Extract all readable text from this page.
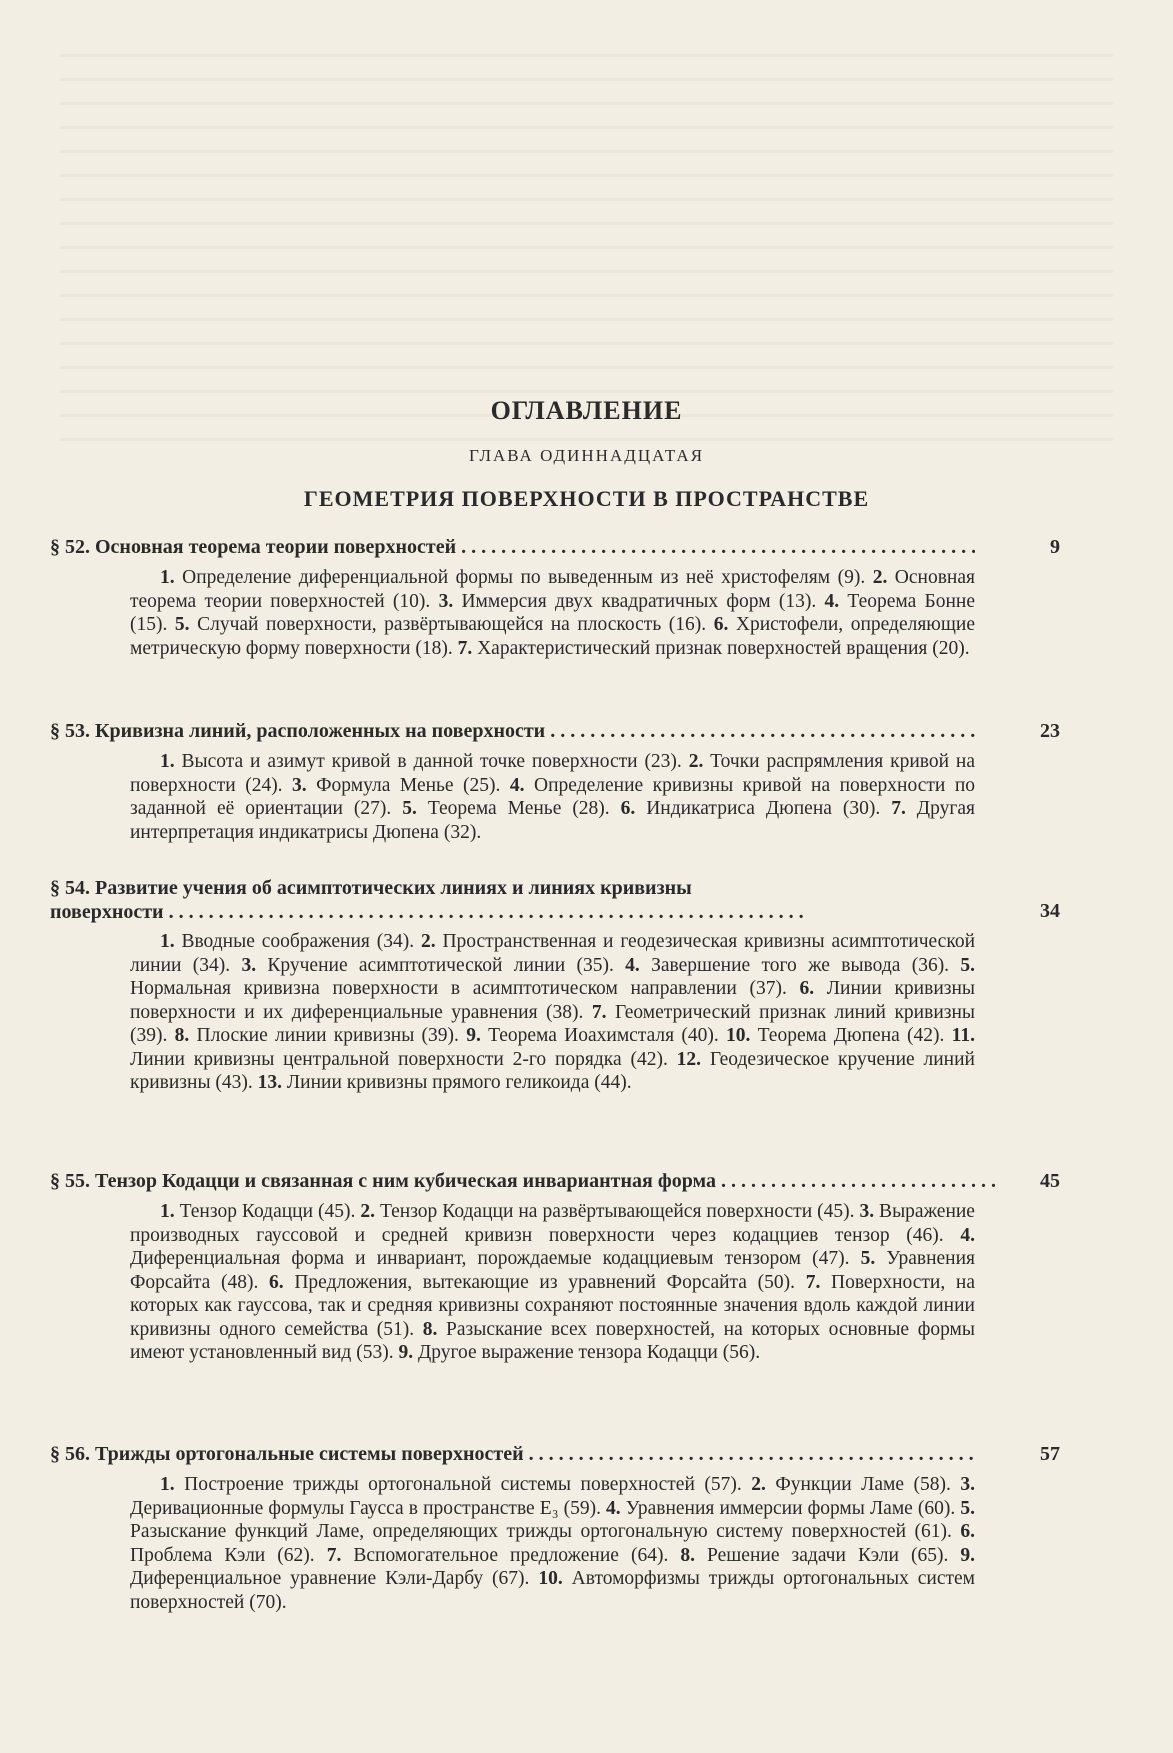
ОГЛАВЛЕНИЕ
ГЛАВА ОДИННАДЦАТАЯ
ГЕОМЕТРИЯ ПОВЕРХНОСТИ В ПРОСТРАНСТВЕ
§ 52. Основная теорема теории поверхностей . . .	9
1. Определение диференциальной формы по выведенным из неё христофелям (9). 2. Основная теорема теории поверхностей (10). 3. Иммерсия двух квадратичных форм (13). 4. Теорема Бонне (15). 5. Случай поверхности, развёртывающейся на плоскость (16). 6. Христофели, определяющие метрическую форму поверхности (18). 7. Характеристический признак поверхностей вращения (20).
§ 53. Кривизна линий, расположенных на поверхности . . .	23
1. Высота и азимут кривой в данной точке поверхности (23). 2. Точки распрямления кривой на поверхности (24). 3. Формула Менье (25). 4. Определение кривизны кривой на поверхности по заданной её ориентации (27). 5. Теорема Менье (28). 6. Индикатриса Дюпена (30). 7. Другая интерпретация индикатрисы Дюпена (32).
§ 54. Развитие учения об асимптотических линиях и линиях кривизны
поверхности . . .	34
1. Вводные соображения (34). 2. Пространственная и геодезическая кривизны асимптотической линии (34). 3. Кручение асимптотической линии (35). 4. Завершение того же вывода (36). 5. Нормальная кривизна поверхности в асимптотическом направлении (37). 6. Линии кривизны поверхности и их диференциальные уравнения (38). 7. Геометрический признак линий кривизны (39). 8. Плоские линии кривизны (39). 9. Теорема Иоахимсталя (40). 10. Теорема Дюпена (42). 11. Линии кривизны центральной поверхности 2-го порядка (42). 12. Геодезическое кручение линий кривизны (43). 13. Линии кривизны прямого геликоида (44).
§ 55. Тензор Кодацци и связанная с ним кубическая инвариантная форма . . .	45
1. Тензор Кодацци (45). 2. Тензор Кодацци на развёртывающейся поверхности (45). 3. Выражение производных гауссовой и средней кривизн поверхности через кодацциев тензор (46). 4. Диференциальная форма и инвариант, порождаемые кодацциевым тензором (47). 5. Уравнения Форсайта (48). 6. Предложения, вытекающие из уравнений Форсайта (50). 7. Поверхности, на которых как гауссова, так и средняя кривизны сохраняют постоянные значения вдоль каждой линии кривизны одного семейства (51). 8. Разыскание всех поверхностей, на которых основные формы имеют установленный вид (53). 9. Другое выражение тензора Кодацци (56).
§ 56. Трижды ортогональные системы поверхностей . . .	57
1. Построение трижды ортогональной системы поверхностей (57). 2. Функции Ламе (58). 3. Деривационные формулы Гаусса в пространстве E₃ (59). 4. Уравнения иммерсии формы Ламе (60). 5. Разыскание функций Ламе, определяющих трижды ортогональную систему поверхностей (61). 6. Проблема Кэли (62). 7. Вспомогательное предложение (64). 8. Решение задачи Кэли (65). 9. Диференциальное уравнение Кэли-Дарбу (67). 10. Автоморфизмы трижды ортогональных систем поверхностей (70).
